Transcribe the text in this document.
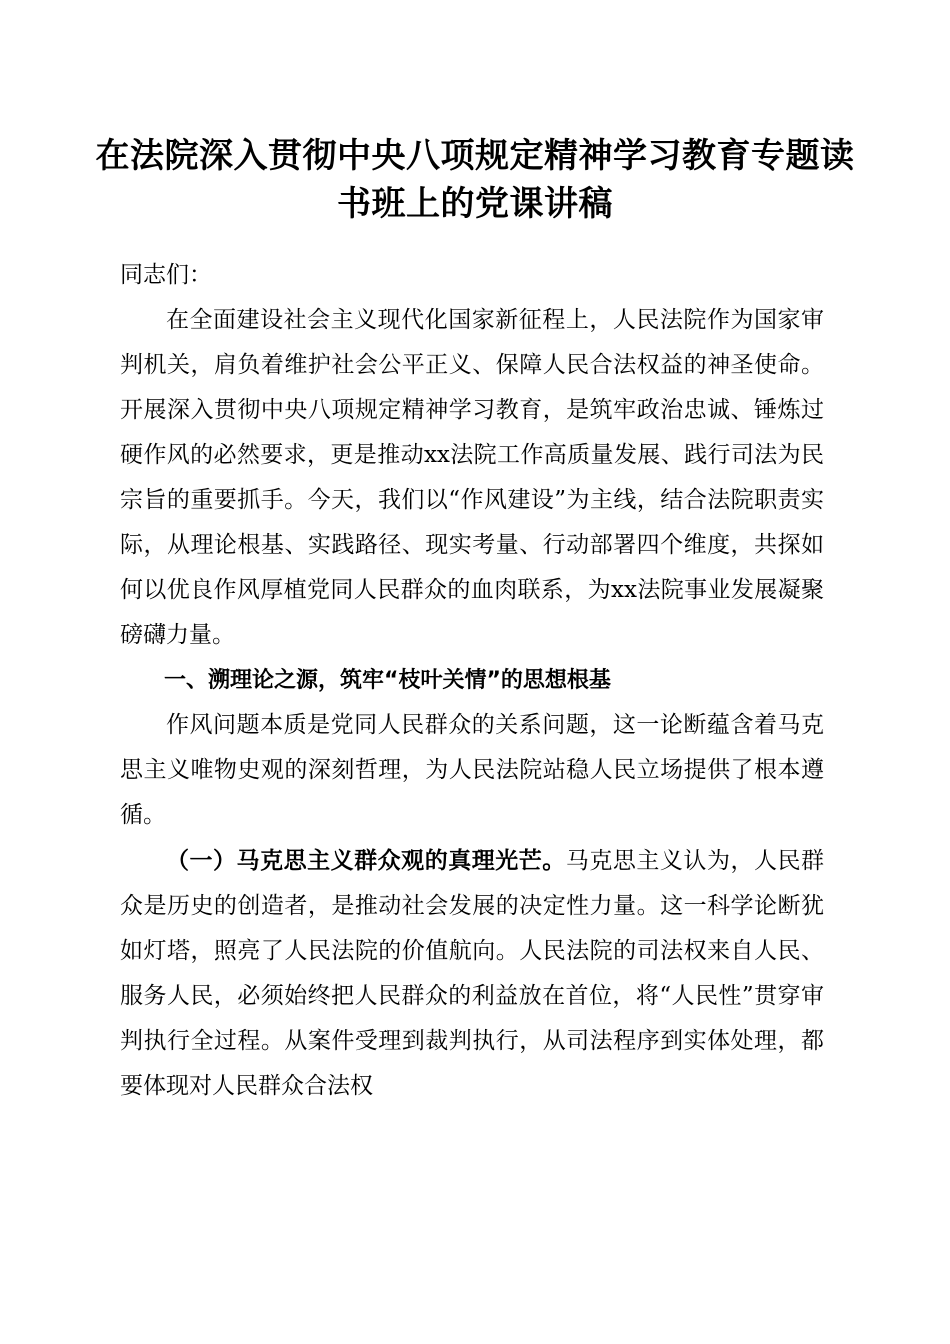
在法院深入贯彻中央八项规定精神学习教育专题读书班上的党课讲稿

同志们：

在全面建设社会主义现代化国家新征程上，人民法院作为国家审判机关，肩负着维护社会公平正义、保障人民合法权益的神圣使命。开展深入贯彻中央八项规定精神学习教育，是筑牢政治忠诚、锤炼过硬作风的必然要求，更是推动xx法院工作高质量发展、践行司法为民宗旨的重要抓手。今天，我们以“作风建设”为主线，结合法院职责实际，从理论根基、实践路径、现实考量、行动部署四个维度，共探如何以优良作风厚植党同人民群众的血肉联系，为xx法院事业发展凝聚磅礴力量。

一、溯理论之源，筑牢“枝叶关情”的思想根基

作风问题本质是党同人民群众的关系问题，这一论断蕴含着马克思主义唯物史观的深刻哲理，为人民法院站稳人民立场提供了根本遵循。

（一）马克思主义群众观的真理光芒。马克思主义认为，人民群众是历史的创造者，是推动社会发展的决定性力量。这一科学论断犹如灯塔，照亮了人民法院的价值航向。人民法院的司法权来自人民、服务人民，必须始终把人民群众的利益放在首位，将“人民性”贯穿审判执行全过程。从案件受理到裁判执行，从司法程序到实体处理，都要体现对人民群众合法权
